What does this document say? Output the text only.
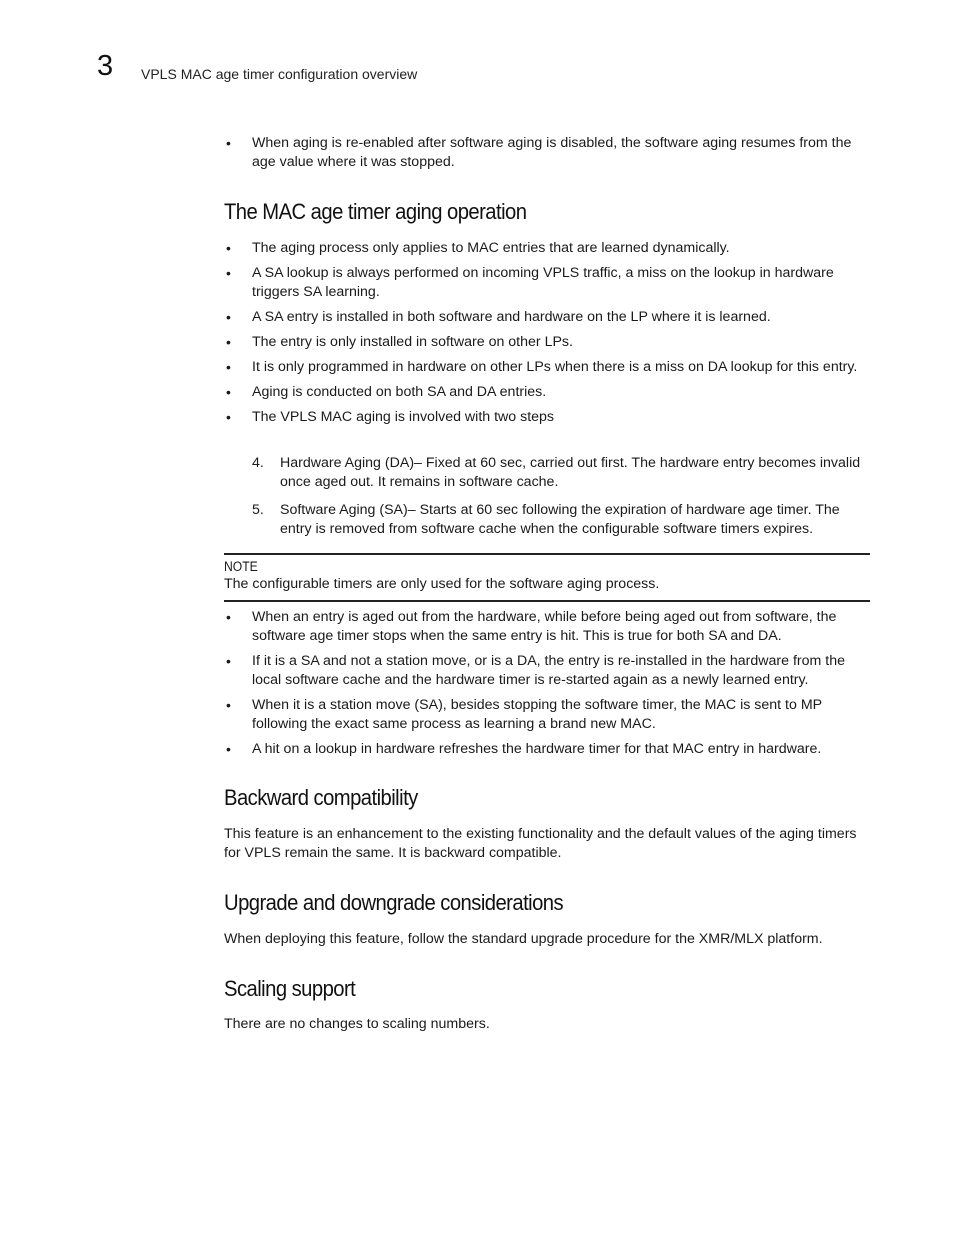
3 VPLS MAC age timer configuration overview
• When aging is re-enabled after software aging is disabled, the software aging resumes from the age value where it was stopped.
The MAC age timer aging operation
• The aging process only applies to MAC entries that are learned dynamically.
• A SA lookup is always performed on incoming VPLS traffic, a miss on the lookup in hardware triggers SA learning.
• A SA entry is installed in both software and hardware on the LP where it is learned.
• The entry is only installed in software on other LPs.
• It is only programmed in hardware on other LPs when there is a miss on DA lookup for this entry.
• Aging is conducted on both SA and DA entries.
• The VPLS MAC aging is involved with two steps
4. Hardware Aging (DA)– Fixed at 60 sec, carried out first. The hardware entry becomes invalid once aged out. It remains in software cache.
5. Software Aging (SA)– Starts at 60 sec following the expiration of hardware age timer. The entry is removed from software cache when the configurable software timers expires.
NOTE
The configurable timers are only used for the software aging process.
• When an entry is aged out from the hardware, while before being aged out from software, the software age timer stops when the same entry is hit. This is true for both SA and DA.
• If it is a SA and not a station move, or is a DA, the entry is re-installed in the hardware from the local software cache and the hardware timer is re-started again as a newly learned entry.
• When it is a station move (SA), besides stopping the software timer, the MAC is sent to MP following the exact same process as learning a brand new MAC.
• A hit on a lookup in hardware refreshes the hardware timer for that MAC entry in hardware.
Backward compatibility

This feature is an enhancement to the existing functionality and the default values of the aging timers for VPLS remain the same. It is backward compatible.

Upgrade and downgrade considerations

When deploying this feature, follow the standard upgrade procedure for the XMR/MLX platform.

Scaling support

There are no changes to scaling numbers.
